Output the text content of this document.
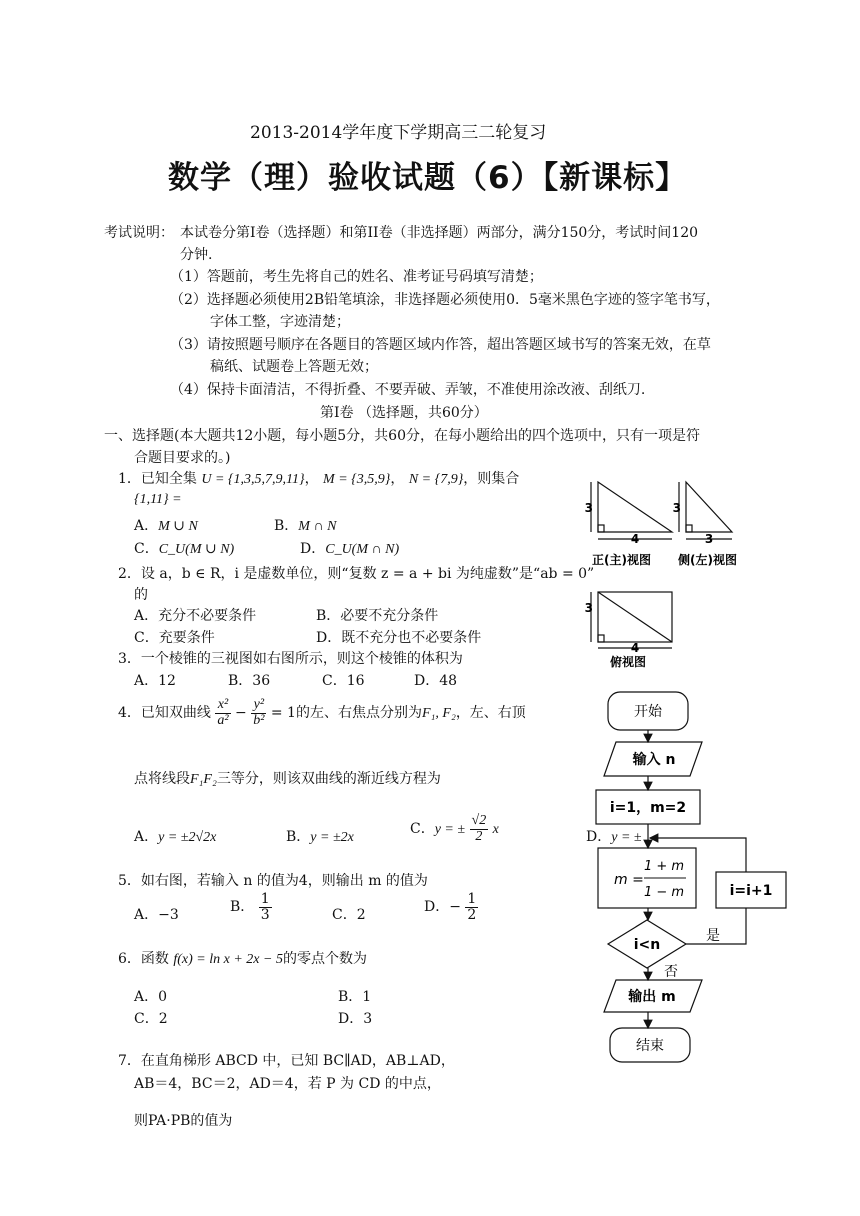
2013-2014学年度下学期高三二轮复习
数学（理）验收试题（6）【新课标】
考试说明： 本试卷分第I卷（选择题）和第II卷（非选择题）两部分，满分150分，考试时间120
分钟.
（1）答题前，考生先将自己的姓名、准考证号码填写清楚；
（2）选择题必须使用2B铅笔填涂，非选择题必须使用0．5毫米黑色字迹的签字笔书写，
字体工整，字迹清楚；
（3）请按照题号顺序在各题目的答题区域内作答，超出答题区域书写的答案无效，在草
稿纸、试题卷上答题无效；
（4）保持卡面清洁，不得折叠、不要弄破、弄皱，不准使用涂改液、刮纸刀.
第I卷 （选择题，共60分）
一、选择题(本大题共12小题，每小题5分，共60分，在每小题给出的四个选项中，只有一项是符
合题目要求的。)
1．已知全集 U = {1,3,5,7,9,11}， M = {3,5,9}， N = {7,9}，则集合
{1,11} =
A．M ∪ N	B．M ∩ N
C．C_U(M ∪ N)	D．C_U(M ∩ N)
2．设 a，b ∈ R，i 是虚数单位，则“复数 z = a + bi 为纯虚数”是“ab = 0”
的
A．充分不必要条件	B．必要不充分条件
C．充要条件	D．既不充分也不必要条件
3．一个棱锥的三视图如右图所示，则这个棱锥的体积为
A．12	B．36	C．16	D．48
4．已知双曲线 $\frac{\text{x²}}{\text{a²}} - \frac{\text{y²}}{\text{b²}} = 1$的左、右焦点分别为F₁, F₂，左、右顶
点将线段F₁F₂三等分，则该双曲线的渐近线方程为
A．y = ±2√2x	B．y = ±2x
C．y = ± $\frac{√2}{2}$ x	D．y = ±
5．如右图，若输入 n 的值为4，则输出 m 的值为
A．−3	B． $\frac{1}{3}$	C．2	D．− $\frac{1}{2}$
6．函数 f(x) = ln x + 2x − 5的零点个数为
A．0	B．1
C．2	D．3
7．在直角梯形 ABCD 中，已知 BC∥AD，AB⊥AD，
AB＝4，BC＝2，AD＝4，若 P 为 CD 的中点，
则PA·PB的值为
3
4
3
3
3
4
正(主)视图 侧(左)视图
俯视图
开始
输入 n
i=1，m=2
m =
1 + m
1 − m	i=i+1
i<n
是
否
输出 m
结束
